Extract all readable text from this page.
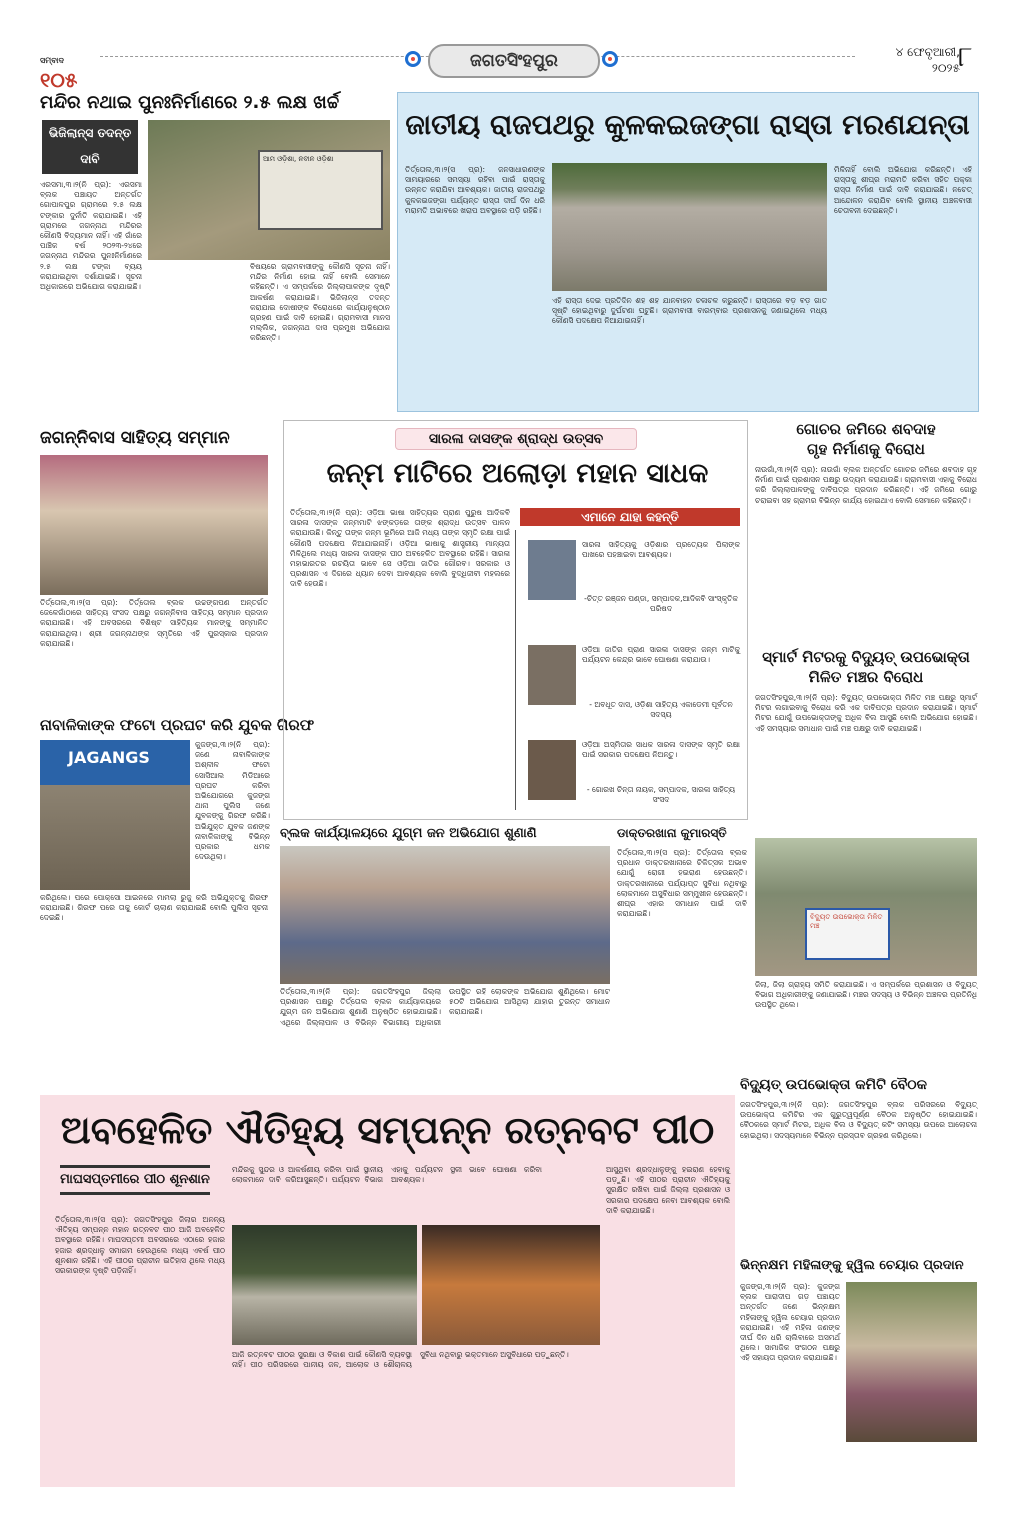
ସମ୍ବାଦ
୧୦୫
ଜଗତସିଂହପୁର	୪ ଫେବୃଆରୀ,
୨୦୨୫
୮
ମନ୍ଦିର ନଥାଇ ପୁନଃନିର୍ମାଣରେ ୨.୫ ଲକ୍ଷ ଖର୍ଚ୍ଚ
ଭିଜିଲାନ୍ସ ତଦନ୍ତ ଦାବି	ଆମ ଓଡ଼ିଶା, ନବୀନ ଓଡ଼ିଶା
ଏରସମା,୩।୨(ନି ପ୍ର): ଏରସମା ବ୍ଲକ ପଞ୍ଚାୟତ ଅନ୍ତର୍ଗତ ଗୋପାଳପୁର ଗ୍ରାମରେ ୨.୫ ଲକ୍ଷ ଟଙ୍କାର ଦୁର୍ନୀତି କରାଯାଇଛି। ଏହି ଗ୍ରାମରେ ଜଗନ୍ନାଥ ମନ୍ଦିରର କୌଣସି ବିଦ୍ୟମାନ ନାହିଁ। ଏହି ଗାଁରେ ପାଞ୍ଚିକ ବର୍ଷ ୨୦୨୩-୨୪ରେ ଜଗନ୍ନାଥ ମନ୍ଦିରର ପୁନଃନିର୍ମାଣରେ ୨.୫ ଲକ୍ଷ ଟଙ୍କା ବ୍ୟୟ କରାଯାଇଥିବା ଦର୍ଶାଯାଇଛି। ସୂଚନା ଅଧିକାରରେ ଅଭିଯୋଗ କରାଯାଇଛି।
ବିଷୟରେ ଗ୍ରାମବାସୀଙ୍କୁ କୌଣସି ସୂଚନା ନାହିଁ। ମନ୍ଦିର ନିର୍ମାଣ ହୋଇ ନାହିଁ ବୋଲି ସେମାନେ କହିଛନ୍ତି। ଏ ସମ୍ପର୍କରେ ଜିଲ୍ଲାପାଳଙ୍କ ଦୃଷ୍ଟି ଆକର୍ଷଣ କରାଯାଇଛି। ଭିଜିଲାନ୍ସ ତଦନ୍ତ କରାଯାଇ ଦୋଷୀଙ୍କ ବିରୋଧରେ କାର୍ଯ୍ୟାନୁଷ୍ଠାନ ଗ୍ରହଣ ପାଇଁ ଦାବି ହୋଇଛି। ଗ୍ରାମବାସୀ ମାନସ ମଲ୍ଲିକ, ଜଗନ୍ନାଥ ଦାସ ପ୍ରମୁଖ ଅଭିଯୋଗ କରିଛନ୍ତି।
ଜାତୀୟ ରାଜପଥରୁ କୁଳକଇଜଙ୍ଗା ରାସ୍ତା ମରଣଯନ୍ତା
ତିର୍ତ୍ତୋଲ,୩।୨(ସ ପ୍ର): ଜନସାଧାରଣଙ୍କ ସାମୟାରରେ ସମସ୍ୟା ରହିବା ପାଇଁ ରାସ୍ତାକୁ ଉନ୍ନତ କରାଯିବା ଆବଶ୍ୟକ। ଜାତୀୟ ରାଜପଥରୁ କୁଳକଇଜଙ୍ଗା ପର୍ଯ୍ୟନ୍ତ ରାସ୍ତା ଦୀର୍ଘ ଦିନ ଧରି ମରାମତି ଅଭାବରେ ଖରାପ ଅବସ୍ଥାରେ ପଡ଼ି ରହିଛି।
ଏହି ରାସ୍ତା ଦେଇ ପ୍ରତିଦିନ ଶହ ଶହ ଯାନବାହନ ଚଳାଚଳ କରୁଛନ୍ତି। ରାସ୍ତାରେ ବଡ଼ ବଡ଼ ଗାତ ସୃଷ୍ଟି ହୋଇଥିବାରୁ ଦୁର୍ଘଟଣା ଘଟୁଛି। ଗ୍ରାମବାସୀ ବାରମ୍ବାର ପ୍ରଶାସନକୁ ଜଣାଇଥିଲେ ମଧ୍ୟ କୌଣସି ପଦକ୍ଷେପ ନିଆଯାଇନାହିଁ।
ମିଳିନାହିଁ ବୋଲି ଅଭିଯୋଗ କରିଛନ୍ତି। ଏହି ରାସ୍ତାକୁ ଶୀଘ୍ର ମରାମତି କରିବା ସହିତ ପକ୍କା ରାସ୍ତା ନିର୍ମାଣ ପାଇଁ ଦାବି କରାଯାଇଛି। ନଚେତ୍ ଆନ୍ଦୋଳନ କରାଯିବ ବୋଲି ସ୍ଥାନୀୟ ଅଞ୍ଚଳବାସୀ ଚେତାବନୀ ଦେଇଛନ୍ତି।
ଜଗନ୍ନିବାସ ସାହିତ୍ୟ ସମ୍ମାନ
ତିର୍ତ୍ତୋଲ,୩।୨(ସ ପ୍ର): ତିର୍ତ୍ତୋଲ ବ୍ଲକ ଉଚ୍ଚଙ୍ଗପଣ ଅନ୍ତର୍ଗତ ଜେଳେଗାଁଠାରେ ସାହିତ୍ୟ ସଂସଦ ପକ୍ଷରୁ ଜଗନ୍ନିବାସ ସାହିତ୍ୟ ସମ୍ମାନ ପ୍ରଦାନ କରାଯାଇଛି। ଏହି ଅବସରରେ ବିଶିଷ୍ଟ ସାହିତ୍ୟିକ ମାନଙ୍କୁ ସମ୍ମାନିତ କରାଯାଇଥିଲା। ଶ୍ରୀ ଜଗନ୍ନାଥଙ୍କ ସ୍ମୃତିରେ ଏହି ପୁରସ୍କାର ପ୍ରଦାନ କରାଯାଇଛି।
ନାବାଳିକାଙ୍କ ଫଟୋ ପ୍ରଘଟ କରି ଯୁବକ ଗିରଫ
JAGANGS
କୁଜଙ୍ଗ,୩।୨(ନି ପ୍ର): ଜଣେ ନାବାଳିକାଙ୍କ ଅଶ୍ଳୀଳ ଫଟୋ ସୋସିଆଲ ମିଡିଆରେ ପ୍ରଘଟ କରିବା ଅଭିଯୋଗରେ କୁଜଙ୍ଗ ଥାନା ପୁଲିସ ଜଣେ ଯୁବକଙ୍କୁ ଗିରଫ କରିଛି। ଅଭିଯୁକ୍ତ ଯୁବକ ଜଣଙ୍କ ନାବାଳିକାଙ୍କୁ ବିଭିନ୍ନ ପ୍ରକାର ଧମକ ଦେଉଥିଲା।
କରିଥିଲେ। ପରେ ପୋକ୍ସୋ ଆଇନରେ ମାମଲା ରୁଜୁ କରି ଅଭିଯୁକ୍ତକୁ ଗିରଫ କରାଯାଇଛି। ଗିରଫ ପରେ ତାକୁ କୋର୍ଟ ଚାଲାଣ କରାଯାଇଛି ବୋଲି ପୁଲିସ ସୂଚନା ଦେଇଛି।
ସାରଳା ଦାସଙ୍କ ଶ୍ରାଦ୍ଧ ଉତ୍ସବ
ଜନ୍ମ ମାଟିରେ ଅଲୋଡ଼ା ମହାନ ସାଧକ
ଏମାନେ ଯାହା କହନ୍ତି
ତିର୍ତ୍ତୋଲ,୩।୨(ନି ପ୍ର): ଓଡ଼ିଆ ଭାଷା ସାହିତ୍ୟର ପ୍ରାଣ ପୁରୁଷ ଆଦିକବି ସାରଳା ଦାସଙ୍କ ଜନ୍ମମାଟି ଝଙ୍କଡ଼ରେ ତାଙ୍କ ଶ୍ରାଦ୍ଧ ଉତ୍ସବ ପାଳନ କରାଯାଉଛି। କିନ୍ତୁ ତାଙ୍କ ଜନ୍ମ ଭୂମିରେ ଆଜି ମଧ୍ୟ ତାଙ୍କ ସ୍ମୃତି ରକ୍ଷା ପାଇଁ କୌଣସି ପଦକ୍ଷେପ ନିଆଯାଇନାହିଁ। ଓଡ଼ିଆ ଭାଷାକୁ ଶାସ୍ତ୍ରୀୟ ମାନ୍ୟତା ମିଳିଥିଲେ ମଧ୍ୟ ସାରଳା ଦାସଙ୍କ ପୀଠ ଅବହେଳିତ ଅବସ୍ଥାରେ ରହିଛି। ସାରଳା ମହାଭାରତର ରଚୟିତା ଭାବେ ସେ ଓଡ଼ିଆ ଜାତିର ଗୌରବ। ସରକାର ଓ ପ୍ରଶାସନ ଏ ଦିଗରେ ଧ୍ୟାନ ଦେବା ଆବଶ୍ୟକ ବୋଲି ବୁଦ୍ଧିଜୀବୀ ମହଲରେ ଦାବି ହେଉଛି।
ସାରଳା ସାହିତ୍ୟକୁ ଓଡ଼ିଶାର ପ୍ରତ୍ୟେକ ପିଲାଙ୍କ ପାଖରେ ପହଞ୍ଚାଇବା ଆବଶ୍ୟକ।
-ଚିତ୍ତ ରଞ୍ଜନ ପଣ୍ଡା, ସମ୍ପାଦକ,ଆଦିକବି ସାଂସ୍କୃତିକ ପରିଷଦ
ଓଡ଼ିଆ ଜାତିର ପ୍ରାଣ ସାରଳା ଦାସଙ୍କ ଜନ୍ମ ମାଟିକୁ ପର୍ଯ୍ୟଟନ କେନ୍ଦ୍ର ଭାବେ ଘୋଷଣା କରାଯାଉ।
- ଅବଧୂତ ଦାସ, ଓଡ଼ିଶା ସାହିତ୍ୟ ଏକାଡେମୀ ପୂର୍ବତନ ସଦସ୍ୟ
ଓଡ଼ିଆ ଅସ୍ମିତାର ସାଧକ ସାରଳା ଦାସଙ୍କ ସ୍ମୃତି ରକ୍ଷା ପାଇଁ ସରକାର ପଦକ୍ଷେପ ନିଅନ୍ତୁ।
- ଗୋରଖ ଚିନ୍ତା ନାୟକ, ସମ୍ପାଦକ, ସାରଳା ସାହିତ୍ୟ ସଂସଦ
ଗୋଚର ଜମିରେ ଶବଦାହ
ଗୃହ ନିର୍ମାଣକୁ ବିରୋଧ
ନାଉଗାଁ,୩।୨(ନି ପ୍ର): ନାଉଗାଁ ବ୍ଲକ ଅନ୍ତର୍ଗତ ଗୋଚର ଜମିରେ ଶବଦାହ ଗୃହ ନିର୍ମାଣ ପାଇଁ ପ୍ରଶାସନ ପକ୍ଷରୁ ଉଦ୍ୟମ କରାଯାଉଛି। ଗ୍ରାମବାସୀ ଏହାକୁ ବିରୋଧ କରି ଜିଲ୍ଲାପାଳଙ୍କୁ ଦାବିପତ୍ର ପ୍ରଦାନ କରିଛନ୍ତି। ଏହି ଜମିରେ ଗୋରୁ ଚରାଇବା ସହ ଗ୍ରାମର ବିଭିନ୍ନ କାର୍ଯ୍ୟ ହୋଇଥାଏ ବୋଲି ସେମାନେ କହିଛନ୍ତି।
ସ୍ମାର୍ଟ ମିଟରକୁ ବିଦ୍ୟୁତ୍ ଉପଭୋକ୍ତା
ମିଳିତ ମଞ୍ଚର ବିରୋଧ
ଜଗତସିଂହପୁର,୩।୨(ନି ପ୍ର): ବିଦ୍ୟୁତ୍ ଉପଭୋକ୍ତା ମିଳିତ ମଞ୍ଚ ପକ୍ଷରୁ ସ୍ମାର୍ଟ ମିଟର ଲଗାଇବାକୁ ବିରୋଧ କରି ଏକ ଦାବିପତ୍ର ପ୍ରଦାନ କରାଯାଇଛି। ସ୍ମାର୍ଟ ମିଟର ଯୋଗୁଁ ଉପଭୋକ୍ତାଙ୍କୁ ଅଧିକ ବିଲ ଆସୁଛି ବୋଲି ଅଭିଯୋଗ ହୋଇଛି। ଏହି ସମସ୍ୟାର ସମାଧାନ ପାଇଁ ମଞ୍ଚ ପକ୍ଷରୁ ଦାବି କରାଯାଇଛି।
ବିଦ୍ୟୁତ ଉପଭୋକ୍ତା ମିଳିତ ମଞ୍ଚ
ଜିଲା, ଜିଲା ଗ୍ରାହ୍ୟ ସମିତି କରାଯାଇଛି। ଏ ସମ୍ପର୍କରେ ପ୍ରଶାସନ ଓ ବିଦ୍ୟୁତ୍ ବିଭାଗ ଅଧିକାରୀଙ୍କୁ ଜଣାଯାଇଛି। ମଞ୍ଚର ସଦସ୍ୟ ଓ ବିଭିନ୍ନ ଅଞ୍ଚଳର ପ୍ରତିନିଧି ଉପସ୍ଥିତ ଥିଲେ।
ବ୍ଲକ କାର୍ଯ୍ୟାଳୟରେ ଯୁଗ୍ମ ଜନ ଅଭିଯୋଗ ଶୁଣାଣି
ତିର୍ତ୍ତୋଲ,୩।୨(ନି ପ୍ର): ଜଗତସିଂହପୁର ଜିଲ୍ଲା ପ୍ରଶାସନ ପକ୍ଷରୁ ତିର୍ତ୍ତୋଲ ବ୍ଲକ କାର୍ଯ୍ୟାଳୟରେ ଯୁଗ୍ମ ଜନ ଅଭିଯୋଗ ଶୁଣାଣି ଅନୁଷ୍ଠିତ ହୋଇଯାଇଛି। ଏଥିରେ ଜିଲ୍ଲାପାଳ ଓ ବିଭିନ୍ନ ବିଭାଗୀୟ ଅଧିକାରୀ ଉପସ୍ଥିତ ରହି ଲୋକଙ୍କ ଅଭିଯୋଗ ଶୁଣିଥିଲେ। ମୋଟ ୫୦ଟି ଅଭିଯୋଗ ଆସିଥିଲା ଯାହାର ତୁରନ୍ତ ସମାଧାନ କରାଯାଇଛି।
ଡାକ୍ତରଖାନା କୁମାରସ୍ତି
ତିର୍ତ୍ତୋଲ,୩।୨(ସ ପ୍ର): ତିର୍ତ୍ତୋଲ ବ୍ଲକ ପ୍ରଧାନ ଡାକ୍ତରଖାନାରେ ଚିକିତ୍ସକ ଅଭାବ ଯୋଗୁଁ ରୋଗୀ ହଇରାଣ ହେଉଛନ୍ତି। ଡାକ୍ତରଖାନାରେ ପର୍ଯ୍ୟାପ୍ତ ସୁବିଧା ନଥିବାରୁ ଲୋକମାନେ ଅସୁବିଧାର ସମ୍ମୁଖୀନ ହେଉଛନ୍ତି। ଶୀଘ୍ର ଏହାର ସମାଧାନ ପାଇଁ ଦାବି କରାଯାଇଛି।
ଅବହେଳିତ ଐତିହ୍ୟ ସମ୍ପନ୍ନ ରତ୍ନବଟ ପୀଠ
ମାଘସପ୍ତମୀରେ ପୀଠ ଶୂନଶାନ
ତିର୍ତ୍ତୋଲ,୩।୨(ସ ପ୍ର): ଜଗତସିଂହପୁର ଜିଲାର ଅନନ୍ୟ ଐତିହ୍ୟ ସମ୍ପନ୍ନ ମହାନ ରତ୍ନବଟ ପୀଠ ଆଜି ଅବହେଳିତ ଅବସ୍ଥାରେ ରହିଛି। ମାଘସପ୍ତମୀ ଅବସରରେ ଏଠାରେ ହଜାର ହଜାର ଶ୍ରଦ୍ଧାଳୁ ସମାଗମ ହେଉଥିଲେ ମଧ୍ୟ ଏବର୍ଷ ପୀଠ ଶୂନଶାନ ରହିଛି। ଏହି ପୀଠର ପ୍ରାଚୀନ ଇତିହାସ ଥିଲେ ମଧ୍ୟ ସରକାରଙ୍କ ଦୃଷ୍ଟି ପଡ଼ିନାହିଁ।
ମନ୍ଦିରକୁ ସୁନ୍ଦର ଓ ଆକର୍ଷଣୀୟ କରିବା ପାଇଁ ସ୍ଥାନୀୟ ଲୋକମାନେ ଦାବି କରିଆସୁଛନ୍ତି। ପର୍ଯ୍ୟଟନ ବିଭାଗ ଏହାକୁ ପର୍ଯ୍ୟଟନ ସ୍ଥଳୀ ଭାବେ ଘୋଷଣା କରିବା ଆବଶ୍ୟକ।
ଆଜି ରତ୍ନବଟ ପୀଠର ସୁରକ୍ଷା ଓ ବିକାଶ ପାଇଁ କୌଣସି ବ୍ୟବସ୍ଥା ନାହିଁ। ପୀଠ ପରିସରରେ ପାନୀୟ ଜଳ, ଆଲୋକ ଓ ଶୌଚାଳୟ ସୁବିଧା ନଥିବାରୁ ଭକ୍ତମାନେ ଅସୁବିଧାରେ ପଡ଼ୁଛନ୍ତି।
ଆସୁଥିବା ଶ୍ରଦ୍ଧାଳୁଙ୍କୁ ହଇରାଣ ହେବାକୁ ପଡ଼ୁଛି। ଏହି ପୀଠର ପ୍ରାଚୀନ ଐତିହ୍ୟକୁ ସୁରକ୍ଷିତ ରଖିବା ପାଇଁ ଜିଲ୍ଲା ପ୍ରଶାସନ ଓ ସରକାର ପଦକ୍ଷେପ ନେବା ଆବଶ୍ୟକ ବୋଲି ଦାବି କରାଯାଇଛି।
ବିଦ୍ୟୁତ୍ ଉପଭୋକ୍ତା କମିଟି ବୈଠକ
ଜଗତସିଂହପୁର,୩।୨(ନି ପ୍ର): ଜଗତସିଂହପୁର ବ୍ଲକ ପରିସରରେ ବିଦ୍ୟୁତ୍ ଉପଭୋକ୍ତା କମିଟିର ଏକ ଗୁରୁତ୍ୱପୂର୍ଣ୍ଣ ବୈଠକ ଅନୁଷ୍ଠିତ ହୋଇଯାଇଛି। ବୈଠକରେ ସ୍ମାର୍ଟ ମିଟର, ଅଧିକ ବିଲ ଓ ବିଦ୍ୟୁତ୍ କଟିଂ ସମସ୍ୟା ଉପରେ ଆଲୋଚନା ହୋଇଥିଲା। ସଦସ୍ୟମାନେ ବିଭିନ୍ନ ପ୍ରସ୍ତାବ ଗ୍ରହଣ କରିଥିଲେ।
ଭିନ୍ନକ୍ଷମ ମହିଳାଙ୍କୁ ହ୍ୱିଲ ଚେୟାର ପ୍ରଦାନ
କୁଜଙ୍ଗ,୩।୨(ନି ପ୍ର): କୁଜଙ୍ଗ ବ୍ଲକ ପାରାଦୀପ ଗଡ଼ ପଞ୍ଚାୟତ ଅନ୍ତର୍ଗତ ଜଣେ ଭିନ୍ନକ୍ଷମ ମହିଳାଙ୍କୁ ହ୍ୱିଲ ଚେୟାର ପ୍ରଦାନ କରାଯାଇଛି। ଏହି ମହିଳା ଜଣଙ୍କ ଦୀର୍ଘ ଦିନ ଧରି ଚାଲିବାରେ ଅସମର୍ଥ ଥିଲେ। ସାମାଜିକ ସଂଗଠନ ପକ୍ଷରୁ ଏହି ସହାୟତା ପ୍ରଦାନ କରାଯାଇଛି।
